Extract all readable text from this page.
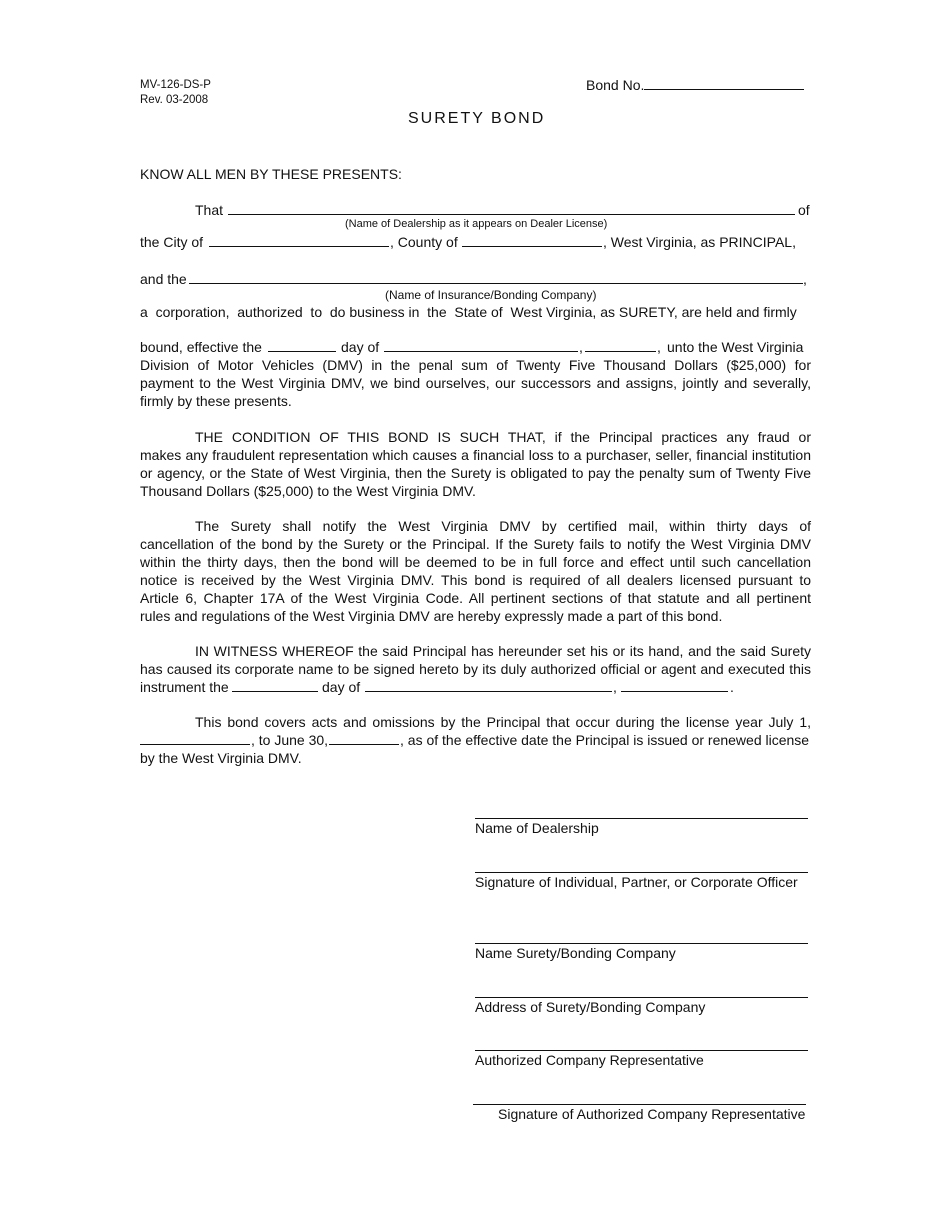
MV-126-DS-P
Rev. 03-2008
Bond No.
SURETY BOND
KNOW ALL MEN BY THESE PRESENTS:
That	of
(Name of Dealership as it appears on Dealer License)
the City of	, County of	, West Virginia, as PRINCIPAL,
and the	,
(Name of Insurance/Bonding Company)
a  corporation,  authorized  to  do business in  the  State of  West Virginia, as SURETY, are held and firmly
bound, effective the	day of	,	, unto the West Virginia
Division of Motor Vehicles (DMV) in the penal sum of Twenty Five Thousand Dollars ($25,000) for
payment to the West Virginia DMV, we bind ourselves, our successors and assigns, jointly and severally,
firmly by these presents.
THE CONDITION OF THIS BOND IS SUCH THAT, if the Principal practices any fraud or
makes any fraudulent representation which causes a financial loss to a purchaser, seller, financial institution
or agency, or the State of West Virginia, then the Surety is obligated to pay the penalty sum of Twenty Five
Thousand Dollars ($25,000) to the West Virginia DMV.
The Surety shall notify the West Virginia DMV by certified mail, within thirty days of
cancellation of the bond by the Surety or the Principal. If the Surety fails to notify the West Virginia DMV
within the thirty days, then the bond will be deemed to be in full force and effect until such cancellation
notice is received by the West Virginia DMV. This bond is required of all dealers licensed pursuant to
Article 6, Chapter 17A of the West Virginia Code. All pertinent sections of that statute and all pertinent
rules and regulations of the West Virginia DMV are hereby expressly made a part of this bond.
IN WITNESS WHEREOF the said Principal has hereunder set his or its hand, and the said Surety
has caused its corporate name to be signed hereto by its duly authorized official or agent and executed this
instrument the	day of	,	.
This bond covers acts and omissions by the Principal that occur during the license year July 1,
, to June 30,	, as of the effective date the Principal is issued or renewed license
by the West Virginia DMV.
Name of Dealership
Signature of Individual, Partner, or Corporate Officer
Name Surety/Bonding Company
Address of Surety/Bonding Company
Authorized Company Representative
Signature of Authorized Company Representative
